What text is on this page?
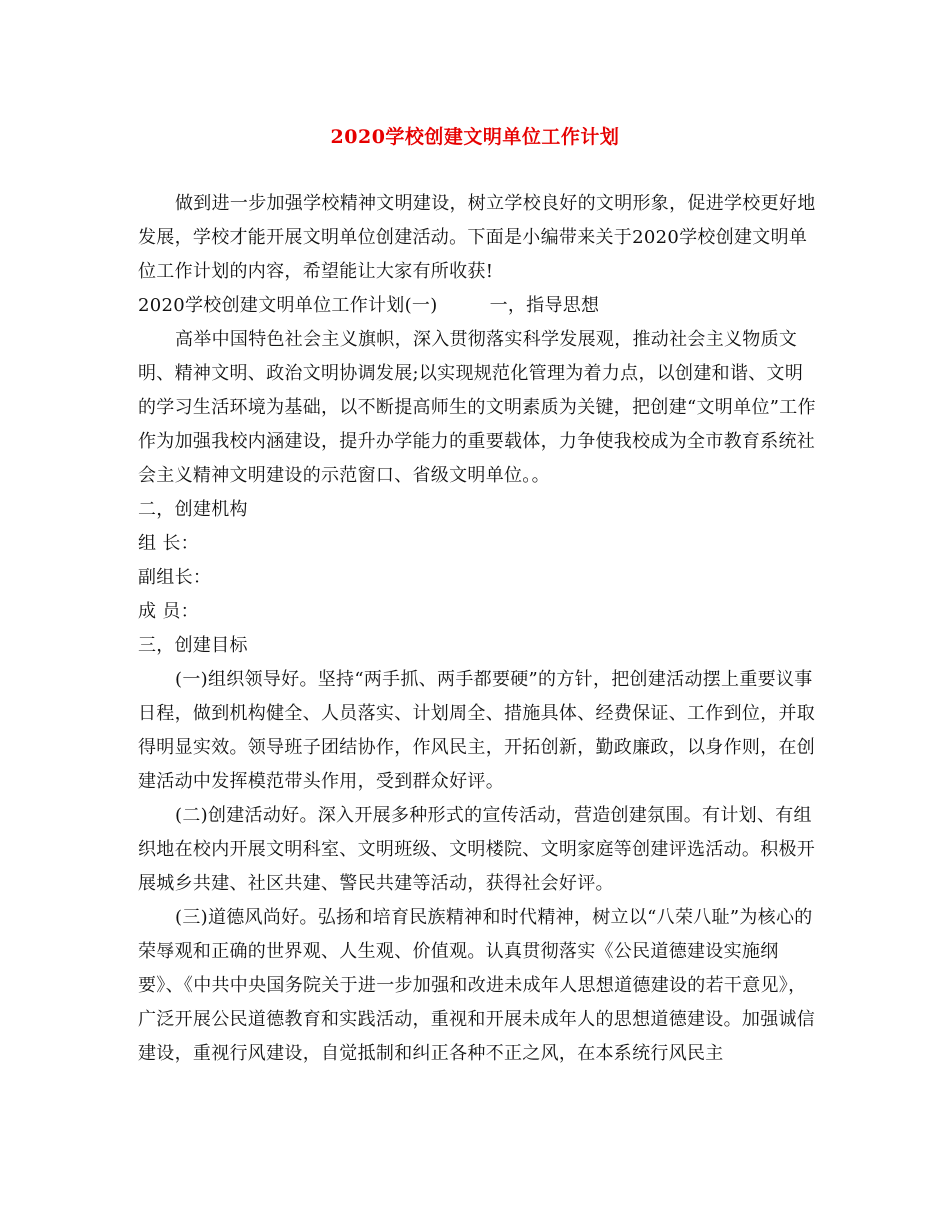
2020学校创建文明单位工作计划

做到进一步加强学校精神文明建设，树立学校良好的文明形象，促进学校更好地发展，学校才能开展文明单位创建活动。下面是小编带来关于2020学校创建文明单位工作计划的内容，希望能让大家有所收获!

2020学校创建文明单位工作计划(一)	一，指导思想

高举中国特色社会主义旗帜，深入贯彻落实科学发展观，推动社会主义物质文明、精神文明、政治文明协调发展;以实现规范化管理为着力点，以创建和谐、文明的学习生活环境为基础，以不断提高师生的文明素质为关键，把创建“文明单位”工作作为加强我校内涵建设，提升办学能力的重要载体，力争使我校成为全市教育系统社会主义精神文明建设的示范窗口、省级文明单位。。

二，创建机构

组 长：

副组长：

成 员：

三，创建目标

(一)组织领导好。坚持“两手抓、两手都要硬”的方针，把创建活动摆上重要议事日程，做到机构健全、人员落实、计划周全、措施具体、经费保证、工作到位，并取得明显实效。领导班子团结协作，作风民主，开拓创新，勤政廉政，以身作则，在创建活动中发挥模范带头作用，受到群众好评。

(二)创建活动好。深入开展多种形式的宣传活动，营造创建氛围。有计划、有组织地在校内开展文明科室、文明班级、文明楼院、文明家庭等创建评选活动。积极开展城乡共建、社区共建、警民共建等活动，获得社会好评。

(三)道德风尚好。弘扬和培育民族精神和时代精神，树立以“八荣八耻”为核心的荣辱观和正确的世界观、人生观、价值观。认真贯彻落实《公民道德建设实施纲要》、《中共中央国务院关于进一步加强和改进未成年人思想道德建设的若干意见》，广泛开展公民道德教育和实践活动，重视和开展未成年人的思想道德建设。加强诚信建设，重视行风建设，自觉抵制和纠正各种不正之风，在本系统行风民主
